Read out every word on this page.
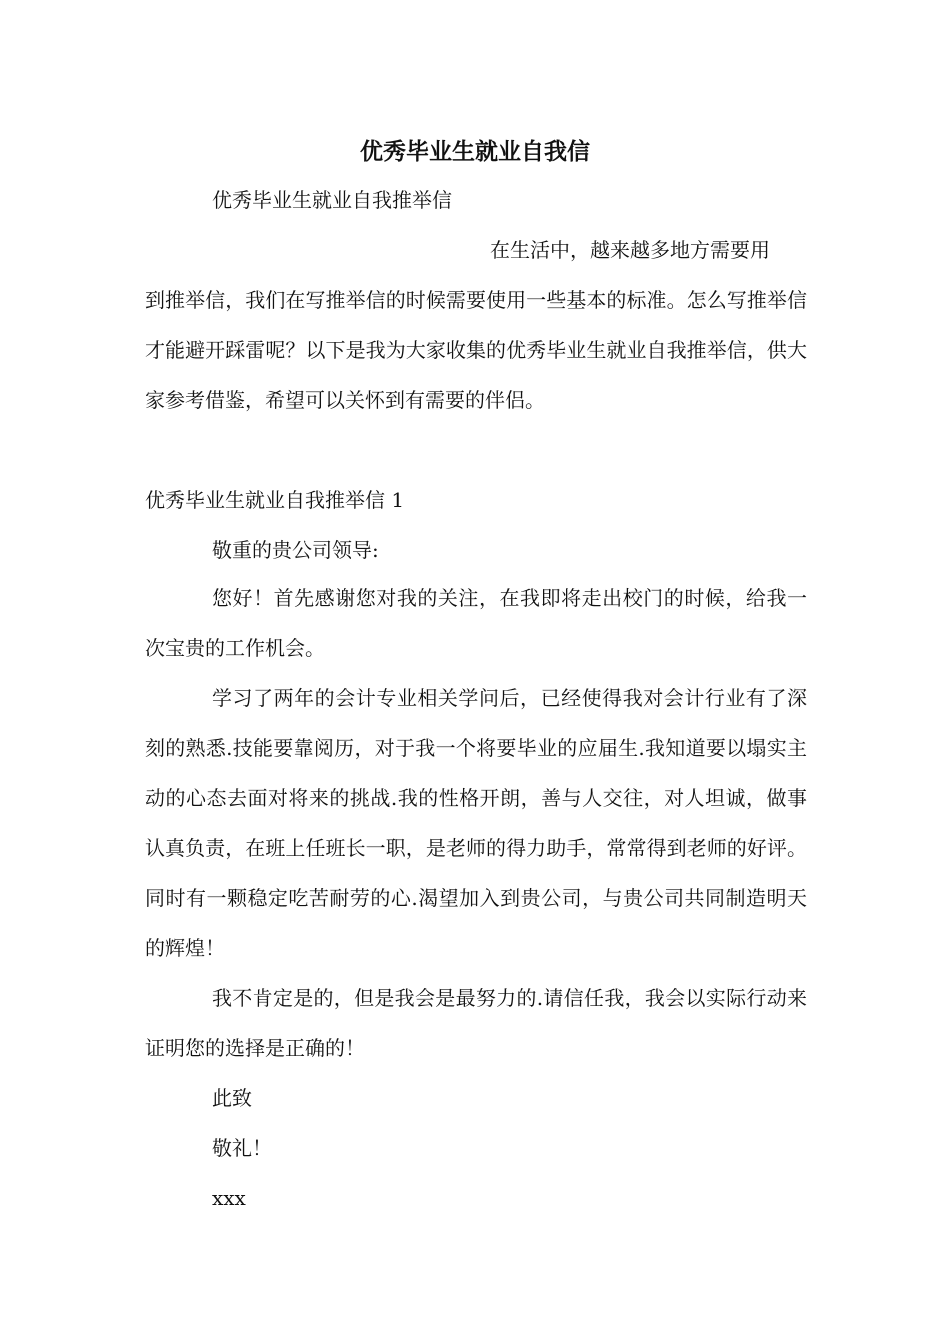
优秀毕业生就业自我信
优秀毕业生就业自我推举信
在生活中，越来越多地方需要用
到推举信，我们在写推举信的时候需要使用一些基本的标准。怎么写推举信才能避开踩雷呢？以下是我为大家收集的优秀毕业生就业自我推举信，供大家参考借鉴，希望可以关怀到有需要的伴侣。
优秀毕业生就业自我推举信 1
敬重的贵公司领导:
您好！首先感谢您对我的关注，在我即将走出校门的时候，给我一次宝贵的工作机会。
学习了两年的会计专业相关学问后，已经使得我对会计行业有了深刻的熟悉.技能要靠阅历，对于我一个将要毕业的应届生.我知道要以塌实主动的心态去面对将来的挑战.我的性格开朗，善与人交往，对人坦诚，做事认真负责，在班上任班长一职，是老师的得力助手，常常得到老师的好评。同时有一颗稳定吃苦耐劳的心.渴望加入到贵公司，与贵公司共同制造明天的辉煌！
我不肯定是的，但是我会是最努力的.请信任我，我会以实际行动来证明您的选择是正确的！
此致
敬礼！
xxx
